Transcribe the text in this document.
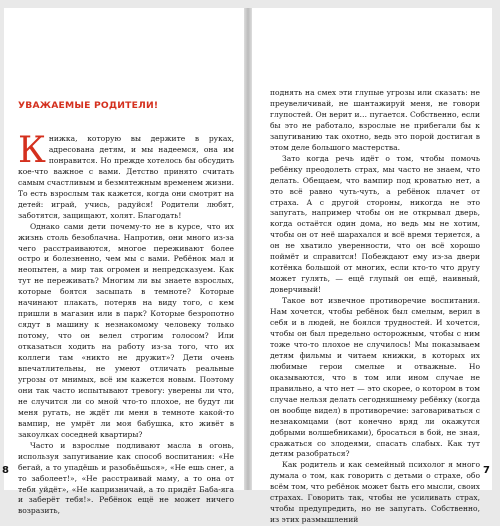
УВАЖАЕМЫЕ РОДИТЕЛИ!

Книжка, которую вы держите в руках, адресована детям, и мы надеемся, она им понравится. Но прежде хотелось бы обсудить кое-что важное с вами. Детство принято считать самым счастливым и безмятежным временем жизни. То есть взрослым так кажется, когда они смотрят на детей: играй, учись, радуйся! Родители любят, заботятся, защищают, холят. Благодать!

Однако сами дети почему-то не в курсе, что их жизнь столь безоблачна. Напротив, они много из-за чего расстраиваются, многое переживают более остро и болезненно, чем мы с вами. Ребёнок мал и неопытен, а мир так огромен и непредсказуем. Как тут не переживать? Многим ли вы знаете взрослых, которые боятся засыпать в темноте? Которые начинают плакать, потеряв на виду того, с кем пришли в магазин или в парк? Которые безропотно сядут в машину к незнакомому человеку только потому, что он велел строгим голосом? Или отказаться ходить на работу из-за того, что их коллеги там «никто не дружит»? Дети очень впечатлительны, не умеют отличать реальные угрозы от мнимых, всё им кажется новым. Поэтому они так часто испытывают тревогу: уверены ли что, не случится ли со мной что-то плохое, не будут ли меня ругать, не ждёт ли меня в темноте какой-то вампир, не умрёт ли моя бабушка, кто живёт в закоулках соседней квартиры?

Часто и взрослые подливают масла в огонь, используя запугивание как способ воспитания: «Не бегай, а то упадёшь и разобьёшься», «Не ешь снег, а то заболеет!», «Не расстраивай маму, а то она от тебя уйдёт», «Не капризничай, а то придёт Баба-яга и заберёт тебя!». Ребёнок ещё не может ничего возразить,

8

поднять на смех эти глупые угрозы или сказать: не преувеличивай, не шантажируй меня, не говори глупостей. Он верит и… пугается. Собственно, если бы это не работало, взрослые не прибегали бы к запугиванию так охотно, ведь это порой достигая в этом деле большого мастерства.

Зато когда речь идёт о том, чтобы помочь ребёнку преодолеть страх, мы часто не знаем, что делать. Обещаем, что вампир под кроватью нет, а это всё равно чуть-чуть, а ребёнок плачет от страха. А с другой стороны, никогда не это запугать, например чтобы он не открывал дверь, когда остаётся один дома, но ведь мы не хотим, чтобы он от неё шарахался и всё время теряется, а он не хватило уверенности, что он всё хорошо поймёт и справится! Побеждают ему из-за двери котёнка большой от многих, если кто-то что другу может гулять, — ещё глупый он ещё, наивный, доверчивый!

Такое вот извечное противоречие воспитания. Нам хочется, чтобы ребёнок был смелым, верил в себя и в людей, не боялся трудностей. И хочется, чтобы он был предельно осторожным, чтобы с ним тоже что-то плохое не случилось! Мы показываем детям фильмы и читаем книжки, в которых их любимые герои смелые и отважные. Но оказываются, что в том или ином случае не правильно, а что нет — это скорее, о котором в том случае нельзя делать сегодняшнему ребёнку (когда он вообще видел) в противоречие: заговариваться с незнакомцами (вот конечно вряд ли окажутся добрыми волшебниками), бросаться в бой, не зная, сражаться со злодеями, спасать слабых. Как тут детям разобраться?

Как родитель и как семейный психолог я много думала о том, как говорить с детьми о страхе, обо всём том, что ребёнок может быть его мысли, своих страхах. Говорить так, чтобы не усиливать страх, чтобы предупредить, но не запугать. Собственно, из этих размышлений

7
